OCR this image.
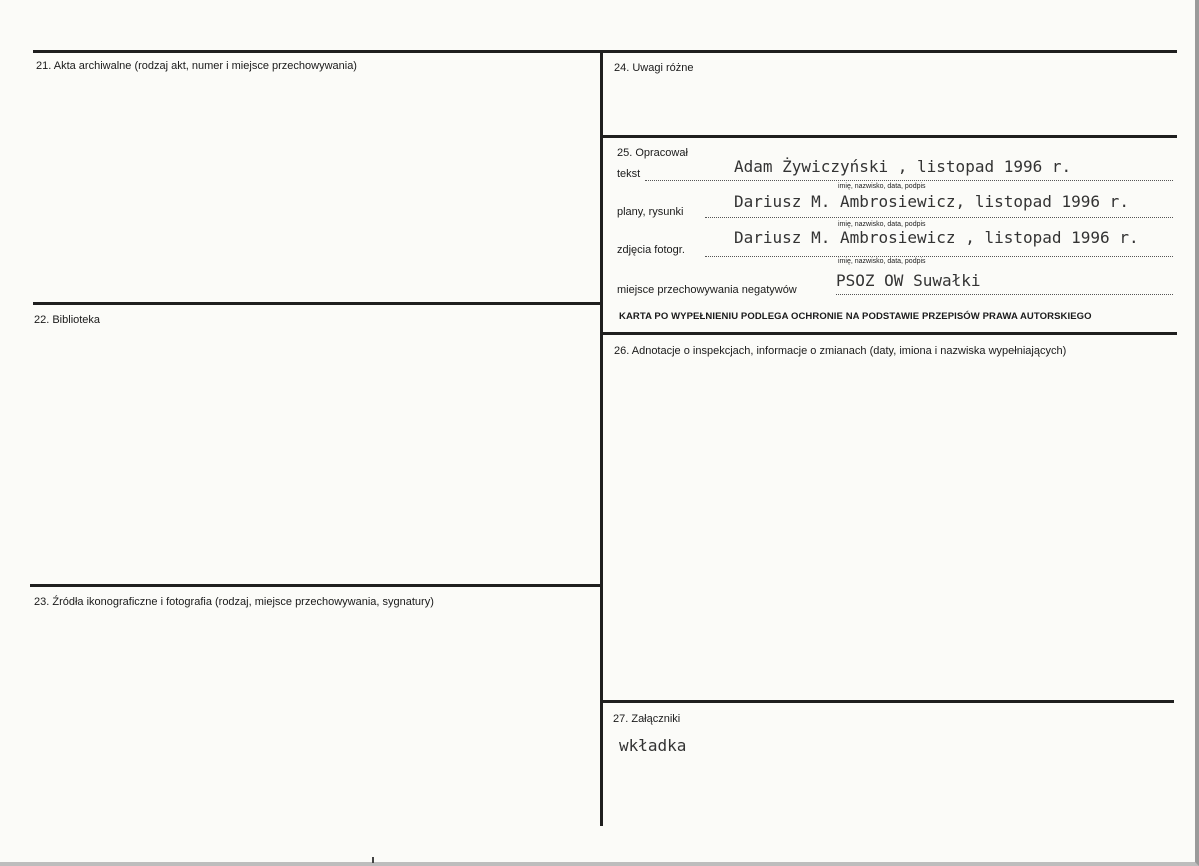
21. Akta archiwalne (rodzaj akt, numer i miejsce przechowywania)
22. Biblioteka
23. Źródła ikonograficzne i fotografia (rodzaj, miejsce przechowywania, sygnatury)
24. Uwagi różne
25. Opracował
tekst	Adam Żywiczyński , listopad 1996 r.
imię, nazwisko, data, podpis
plany, rysunki
Dariusz M. Ambrosiewicz, listopad 1996 r.
imię, nazwisko, data, podpis
zdjęcia fotogr.
Dariusz M. Ambrosiewicz , listopad 1996 r.
imię, nazwisko, data, podpis
miejsce przechowywania negatywów PSOZ OW Suwałki
KARTA PO WYPEŁNIENIU PODLEGA OCHRONIE NA PODSTAWIE PRZEPISÓW PRAWA AUTORSKIEGO
26. Adnotacje o inspekcjach, informacje o zmianach (daty, imiona i nazwiska wypełniających)
27. Załączniki
wkładka
